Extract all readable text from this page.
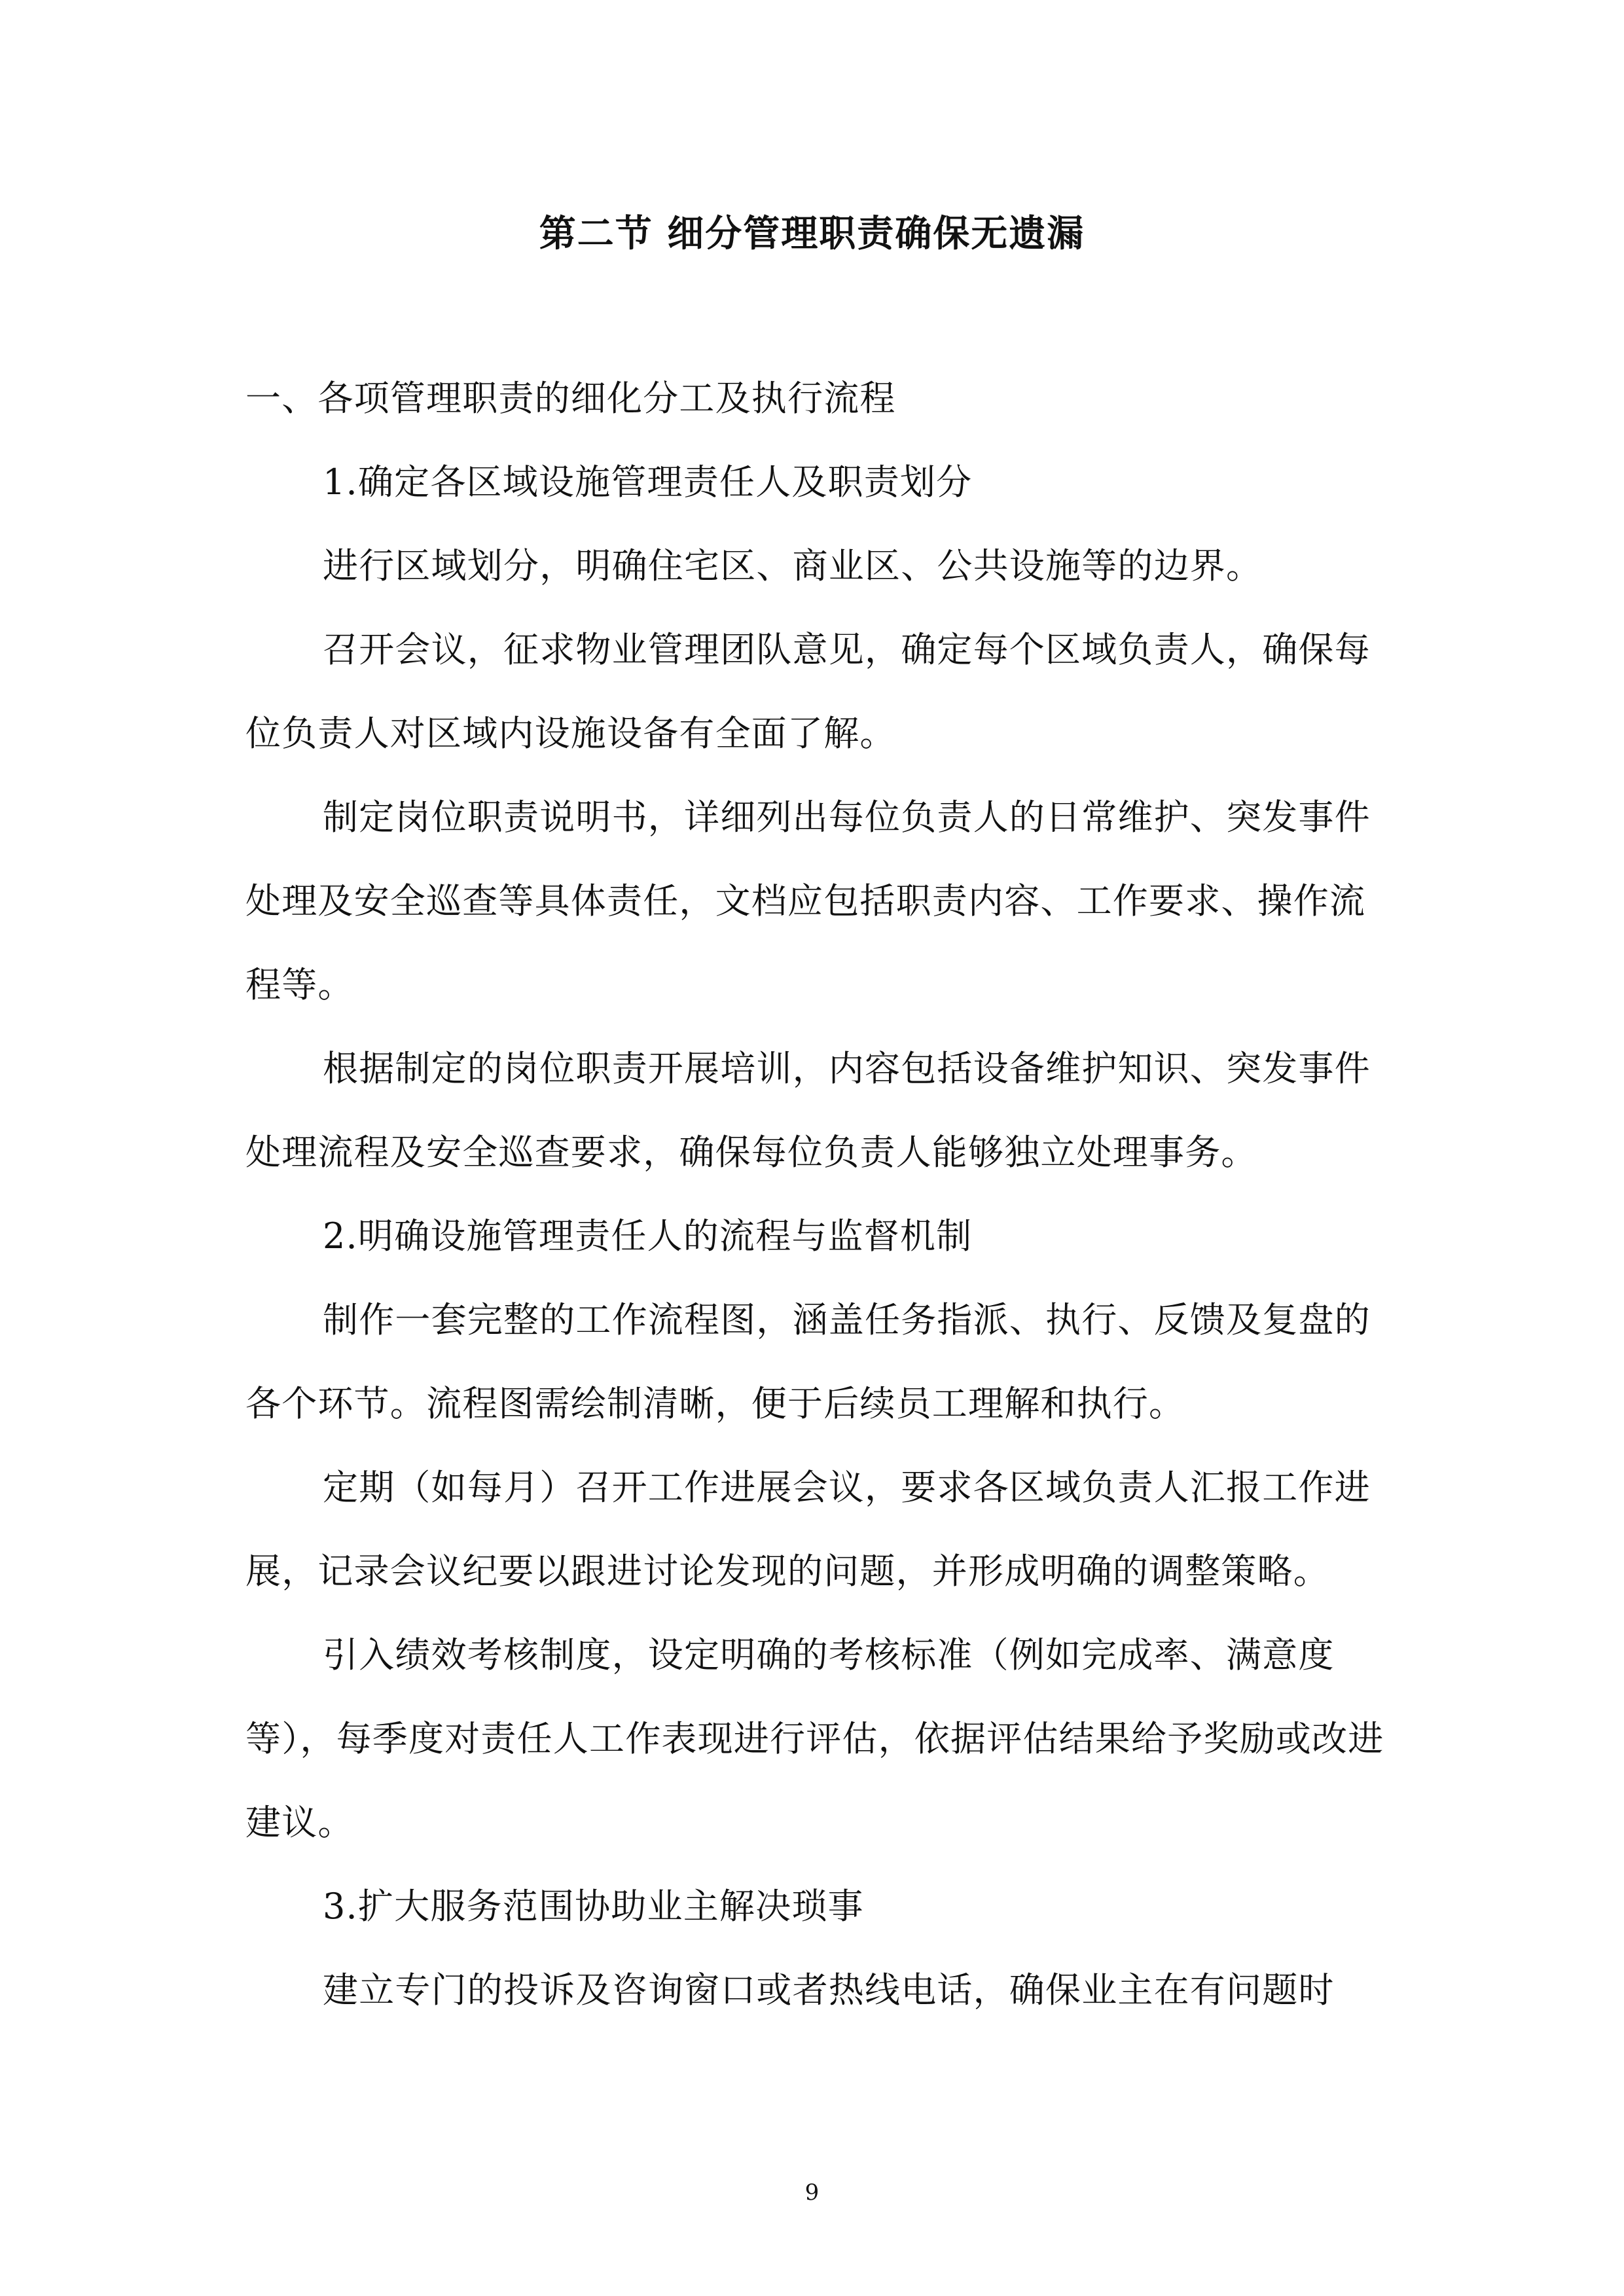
第二节 细分管理职责确保无遗漏

一、各项管理职责的细化分工及执行流程

1.确定各区域设施管理责任人及职责划分

进行区域划分，明确住宅区、商业区、公共设施等的边界。

召开会议，征求物业管理团队意见，确定每个区域负责人，确保每位负责人对区域内设施设备有全面了解。

制定岗位职责说明书，详细列出每位负责人的日常维护、突发事件处理及安全巡查等具体责任，文档应包括职责内容、工作要求、操作流程等。

根据制定的岗位职责开展培训，内容包括设备维护知识、突发事件处理流程及安全巡查要求，确保每位负责人能够独立处理事务。

2.明确设施管理责任人的流程与监督机制

制作一套完整的工作流程图，涵盖任务指派、执行、反馈及复盘的各个环节。流程图需绘制清晰，便于后续员工理解和执行。

定期（如每月）召开工作进展会议，要求各区域负责人汇报工作进展，记录会议纪要以跟进讨论发现的问题，并形成明确的调整策略。

引入绩效考核制度，设定明确的考核标准（例如完成率、满意度等），每季度对责任人工作表现进行评估，依据评估结果给予奖励或改进建议。

3.扩大服务范围协助业主解决琐事

建立专门的投诉及咨询窗口或者热线电话，确保业主在有问题时

9
